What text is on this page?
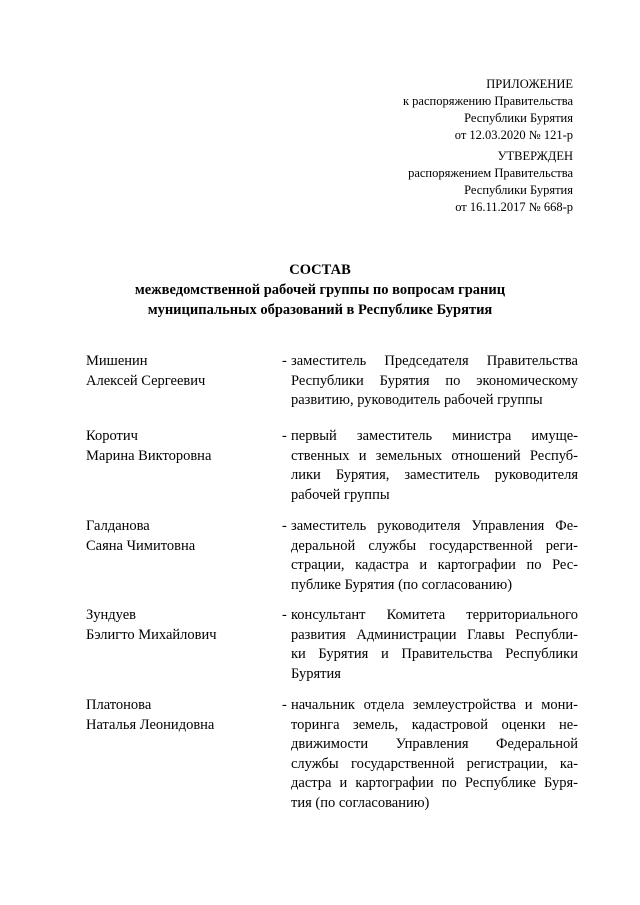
ПРИЛОЖЕНИЕ
к распоряжению Правительства
Республики Бурятия
от 12.03.2020 № 121-р
УТВЕРЖДЕН
распоряжением Правительства
Республики Бурятия
от 16.11.2017 № 668-р
СОСТАВ
межведомственной рабочей группы по вопросам границ
муниципальных образований в Республике Бурятия
Мишенин
Алексей Сергеевич
- заместитель Председателя Правительства
Республики Бурятия по экономическому
развитию, руководитель рабочей группы
Коротич
Марина Викторовна
- первый заместитель министра имуще-
ственных и земельных отношений Респуб-
лики Бурятия, заместитель руководителя
рабочей группы
Галданова
Саяна Чимитовна
- заместитель руководителя Управления Фе-
деральной службы государственной реги-
страции, кадастра и картографии по Рес-
публике Бурятия (по согласованию)
Зундуев
Бэлигто Михайлович
- консультант Комитета территориального
развития Администрации Главы Республи-
ки Бурятия и Правительства Республики
Бурятия
Платонова
Наталья Леонидовна
- начальник отдела землеустройства и мони-
торинга земель, кадастровой оценки не-
движимости Управления Федеральной
службы государственной регистрации, ка-
дастра и картографии по Республике Буря-
тия (по согласованию)
